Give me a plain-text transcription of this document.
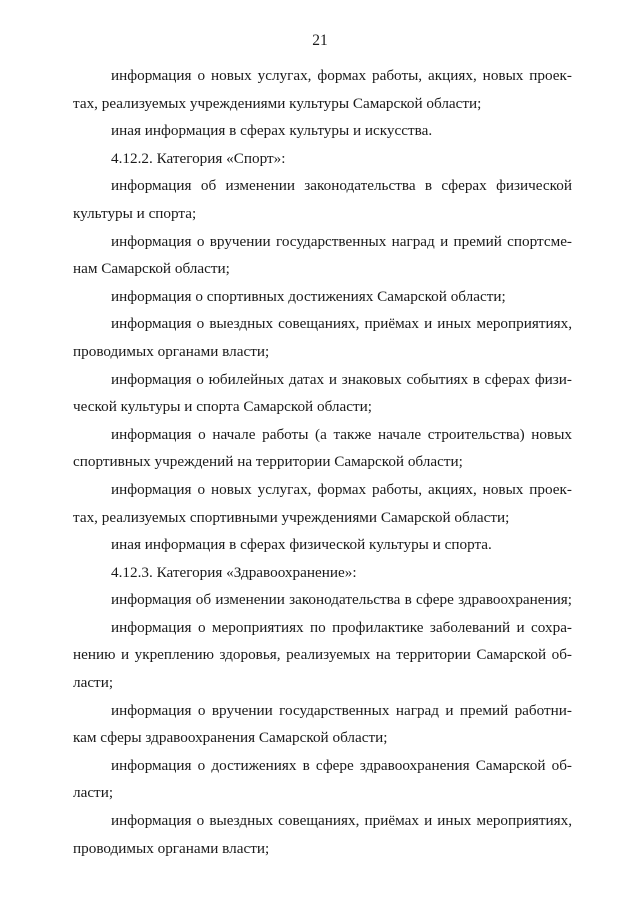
21
информация о новых услугах, формах работы, акциях, новых проек-
тах, реализуемых учреждениями культуры Самарской области;
иная информация в сферах культуры и искусства.
4.12.2. Категория «Спорт»:
информация об изменении законодательства в сферах физической
культуры и спорта;
информация о вручении государственных наград и премий спортсме-
нам Самарской области;
информация о спортивных достижениях Самарской области;
информация о выездных совещаниях, приёмах и иных мероприятиях,
проводимых органами власти;
информация о юбилейных датах и знаковых событиях в сферах физи-
ческой культуры и спорта Самарской области;
информация о начале работы (а также начале строительства) новых
спортивных учреждений на территории Самарской области;
информация о новых услугах, формах работы, акциях, новых проек-
тах, реализуемых спортивными учреждениями Самарской области;
иная информация в сферах физической культуры и спорта.
4.12.3. Категория «Здравоохранение»:
информация об изменении законодательства в сфере здравоохранения;
информация о мероприятиях по профилактике заболеваний и сохра-
нению и укреплению здоровья, реализуемых на территории Самарской об-
ласти;
информация о вручении государственных наград и премий работни-
кам сферы здравоохранения Самарской области;
информация о достижениях в сфере здравоохранения Самарской об-
ласти;
информация о выездных совещаниях, приёмах и иных мероприятиях,
проводимых органами власти;
